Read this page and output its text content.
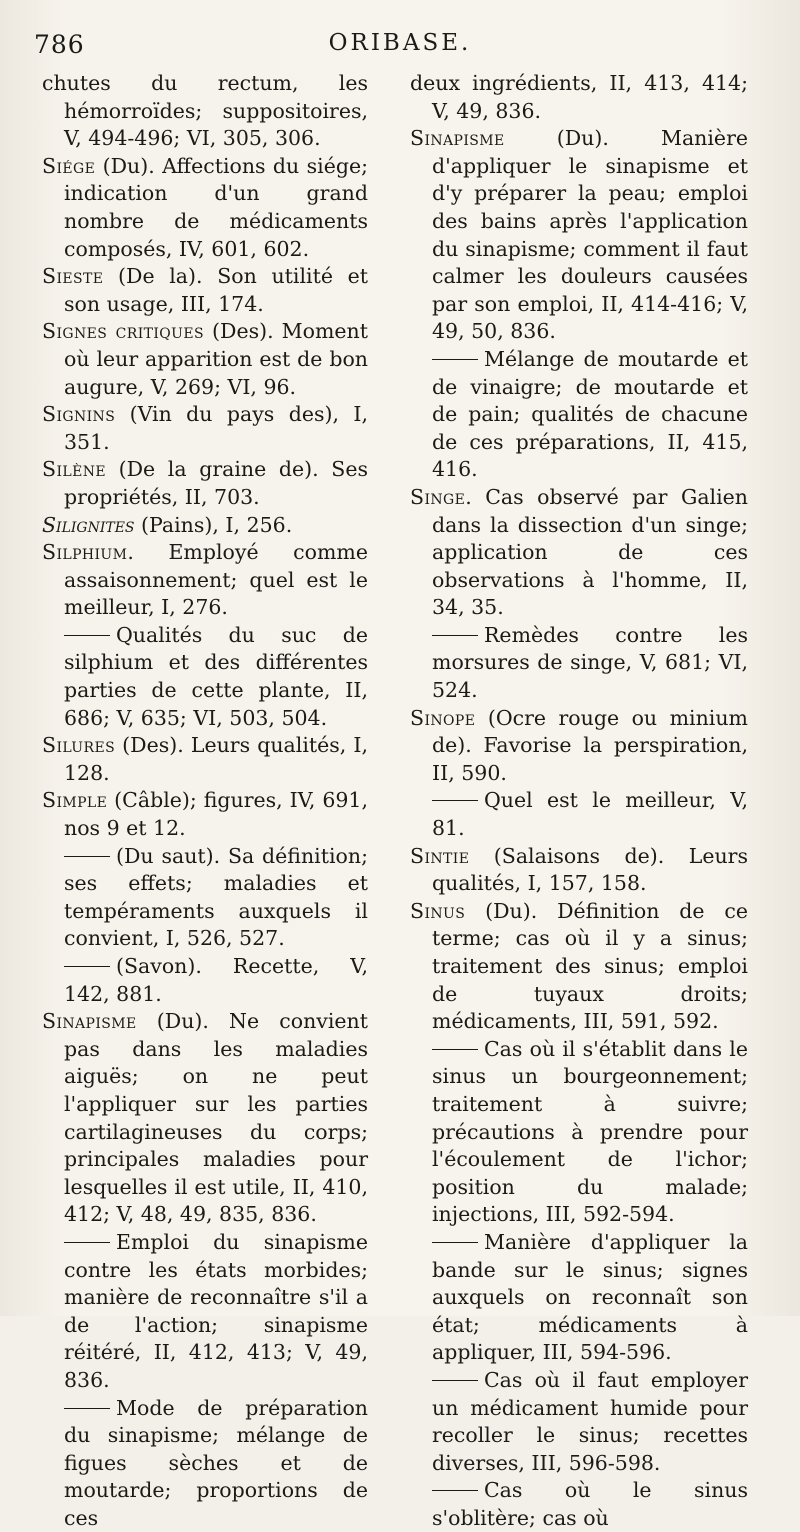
786	ORIBASE.
chutes du rectum, les hémorroïdes; suppositoires, V, 494-496; VI, 305, 306.
Siége (Du). Affections du siége; indication d'un grand nombre de médicaments composés, IV, 601, 602.
Sieste (De la). Son utilité et son usage, III, 174.
Signes critiques (Des). Moment où leur apparition est de bon augure, V, 269; VI, 96.
Signins (Vin du pays des), I, 351.
Silène (De la graine de). Ses propriétés, II, 703.
Silignites (Pains), I, 256.
Silphium. Employé comme assaisonnement; quel est le meilleur, I, 276.
Qualités du suc de silphium et des différentes parties de cette plante, II, 686; V, 635; VI, 503, 504.
Silures (Des). Leurs qualités, I, 128.
Simple (Câble); figures, IV, 691, nos 9 et 12.
(Du saut). Sa définition; ses effets; maladies et tempéraments auxquels il convient, I, 526, 527.
(Savon). Recette, V, 142, 881.
Sinapisme (Du). Ne convient pas dans les maladies aiguës; on ne peut l'appliquer sur les parties cartilagineuses du corps; principales maladies pour lesquelles il est utile, II, 410, 412; V, 48, 49, 835, 836.
Emploi du sinapisme contre les états morbides; manière de reconnaître s'il a de l'action; sinapisme réitéré, II, 412, 413; V, 49, 836.
Mode de préparation du sinapisme; mélange de figues sèches et de moutarde; proportions de ces
deux ingrédients, II, 413, 414; V, 49, 836.
Sinapisme (Du). Manière d'appliquer le sinapisme et d'y préparer la peau; emploi des bains après l'application du sinapisme; comment il faut calmer les douleurs causées par son emploi, II, 414-416; V, 49, 50, 836.
Mélange de moutarde et de vinaigre; de moutarde et de pain; qualités de chacune de ces préparations, II, 415, 416.
Singe. Cas observé par Galien dans la dissection d'un singe; application de ces observations à l'homme, II, 34, 35.
Remèdes contre les morsures de singe, V, 681; VI, 524.
Sinope (Ocre rouge ou minium de). Favorise la perspiration, II, 590.
Quel est le meilleur, V, 81.
Sintie (Salaisons de). Leurs qualités, I, 157, 158.
Sinus (Du). Définition de ce terme; cas où il y a sinus; traitement des sinus; emploi de tuyaux droits; médicaments, III, 591, 592.
Cas où il s'établit dans le sinus un bourgeonnement; traitement à suivre; précautions à prendre pour l'écoulement de l'ichor; position du malade; injections, III, 592-594.
Manière d'appliquer la bande sur le sinus; signes auxquels on reconnaît son état; médicaments à appliquer, III, 594-596.
Cas où il faut employer un médicament humide pour recoller le sinus; recettes diverses, III, 596-598.
Cas où le sinus s'oblitère; cas où
